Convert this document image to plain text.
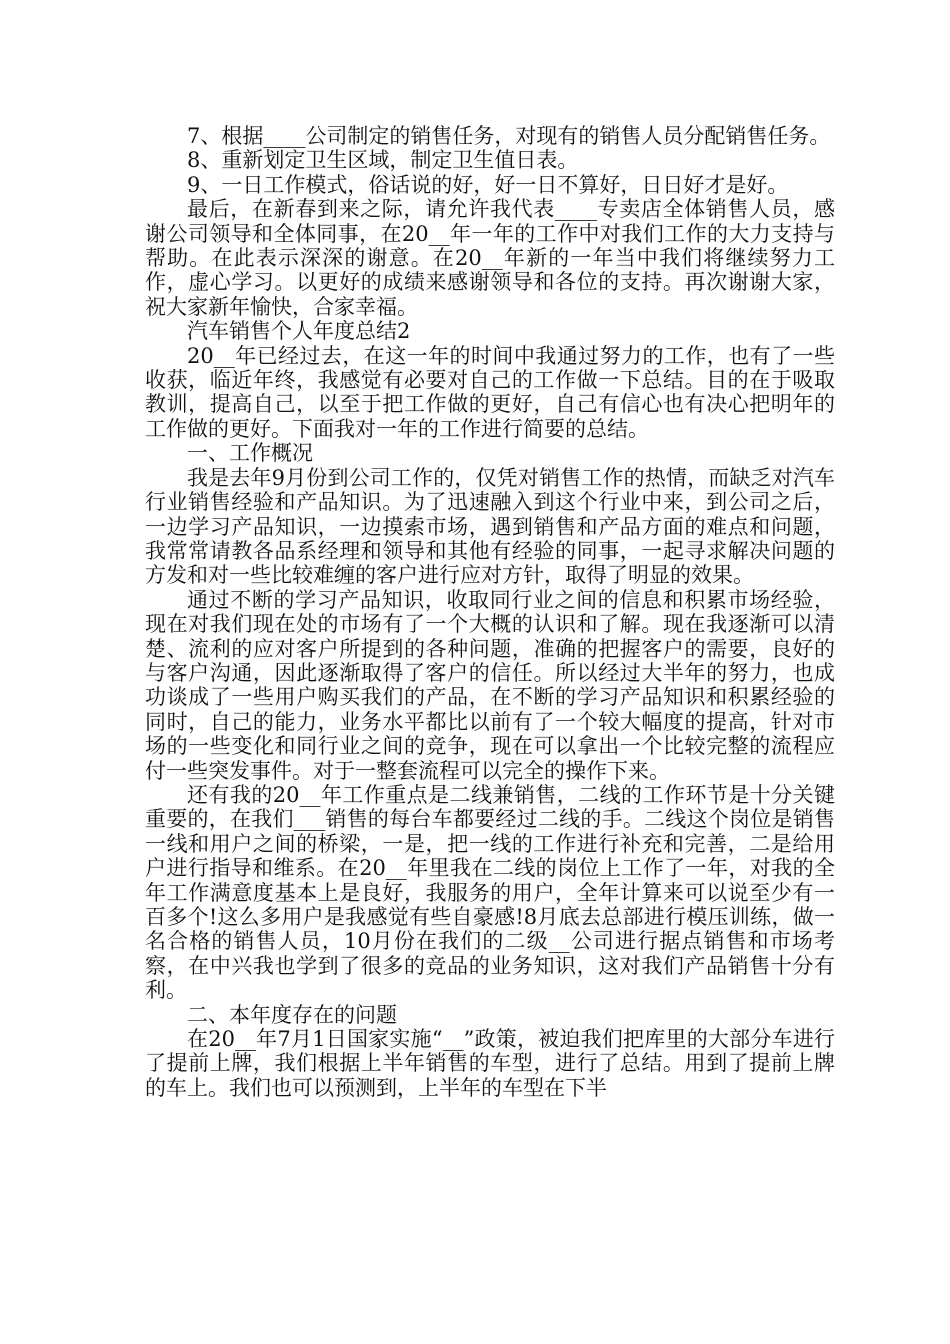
7、根据____公司制定的销售任务，对现有的销售人员分配销售任务。

8、重新划定卫生区域，制定卫生值日表。

9、一日工作模式，俗话说的好，好一日不算好，日日好才是好。

最后，在新春到来之际，请允许我代表____专卖店全体销售人员，感谢公司领导和全体同事，在20__年一年的工作中对我们工作的大力支持与帮助。在此表示深深的谢意。在20__年新的一年当中我们将继续努力工作，虚心学习。以更好的成绩来感谢领导和各位的支持。再次谢谢大家，祝大家新年愉快，合家幸福。

汽车销售个人年度总结2

20__年已经过去，在这一年的时间中我通过努力的工作，也有了一些收获，临近年终，我感觉有必要对自己的工作做一下总结。目的在于吸取教训，提高自己，以至于把工作做的更好，自己有信心也有决心把明年的工作做的更好。下面我对一年的工作进行简要的总结。

一、工作概况

我是去年9月份到公司工作的，仅凭对销售工作的热情，而缺乏对汽车行业销售经验和产品知识。为了迅速融入到这个行业中来，到公司之后，一边学习产品知识，一边摸索市场，遇到销售和产品方面的难点和问题，我常常请教各品系经理和领导和其他有经验的同事，一起寻求解决问题的方发和对一些比较难缠的客户进行应对方针，取得了明显的效果。

通过不断的学习产品知识，收取同行业之间的信息和积累市场经验，现在对我们现在处的市场有了一个大概的认识和了解。现在我逐渐可以清楚、流利的应对客户所提到的各种问题，准确的把握客户的需要，良好的与客户沟通，因此逐渐取得了客户的信任。所以经过大半年的努力，也成功谈成了一些用户购买我们的产品，在不断的学习产品知识和积累经验的同时，自己的能力，业务水平都比以前有了一个较大幅度的提高，针对市场的一些变化和同行业之间的竞争，现在可以拿出一个比较完整的流程应付一些突发事件。对于一整套流程可以完全的操作下来。

还有我的20__年工作重点是二线兼销售，二线的工作环节是十分关键重要的，在我们___销售的每台车都要经过二线的手。二线这个岗位是销售一线和用户之间的桥梁，一是，把一线的工作进行补充和完善，二是给用户进行指导和维系。在20__年里我在二线的岗位上工作了一年，对我的全年工作满意度基本上是良好，我服务的用户，全年计算来可以说至少有一百多个!这么多用户是我感觉有些自豪感!8月底去总部进行模压训练，做一名合格的销售人员，10月份在我们的二级__公司进行据点销售和市场考察，在中兴我也学到了很多的竞品的业务知识，这对我们产品销售十分有利。

二、本年度存在的问题

在20__年7月1日国家实施“__”政策，被迫我们把库里的大部分车进行了提前上牌，我们根据上半年销售的车型，进行了总结。用到了提前上牌的车上。我们也可以预测到，上半年的车型在下半
